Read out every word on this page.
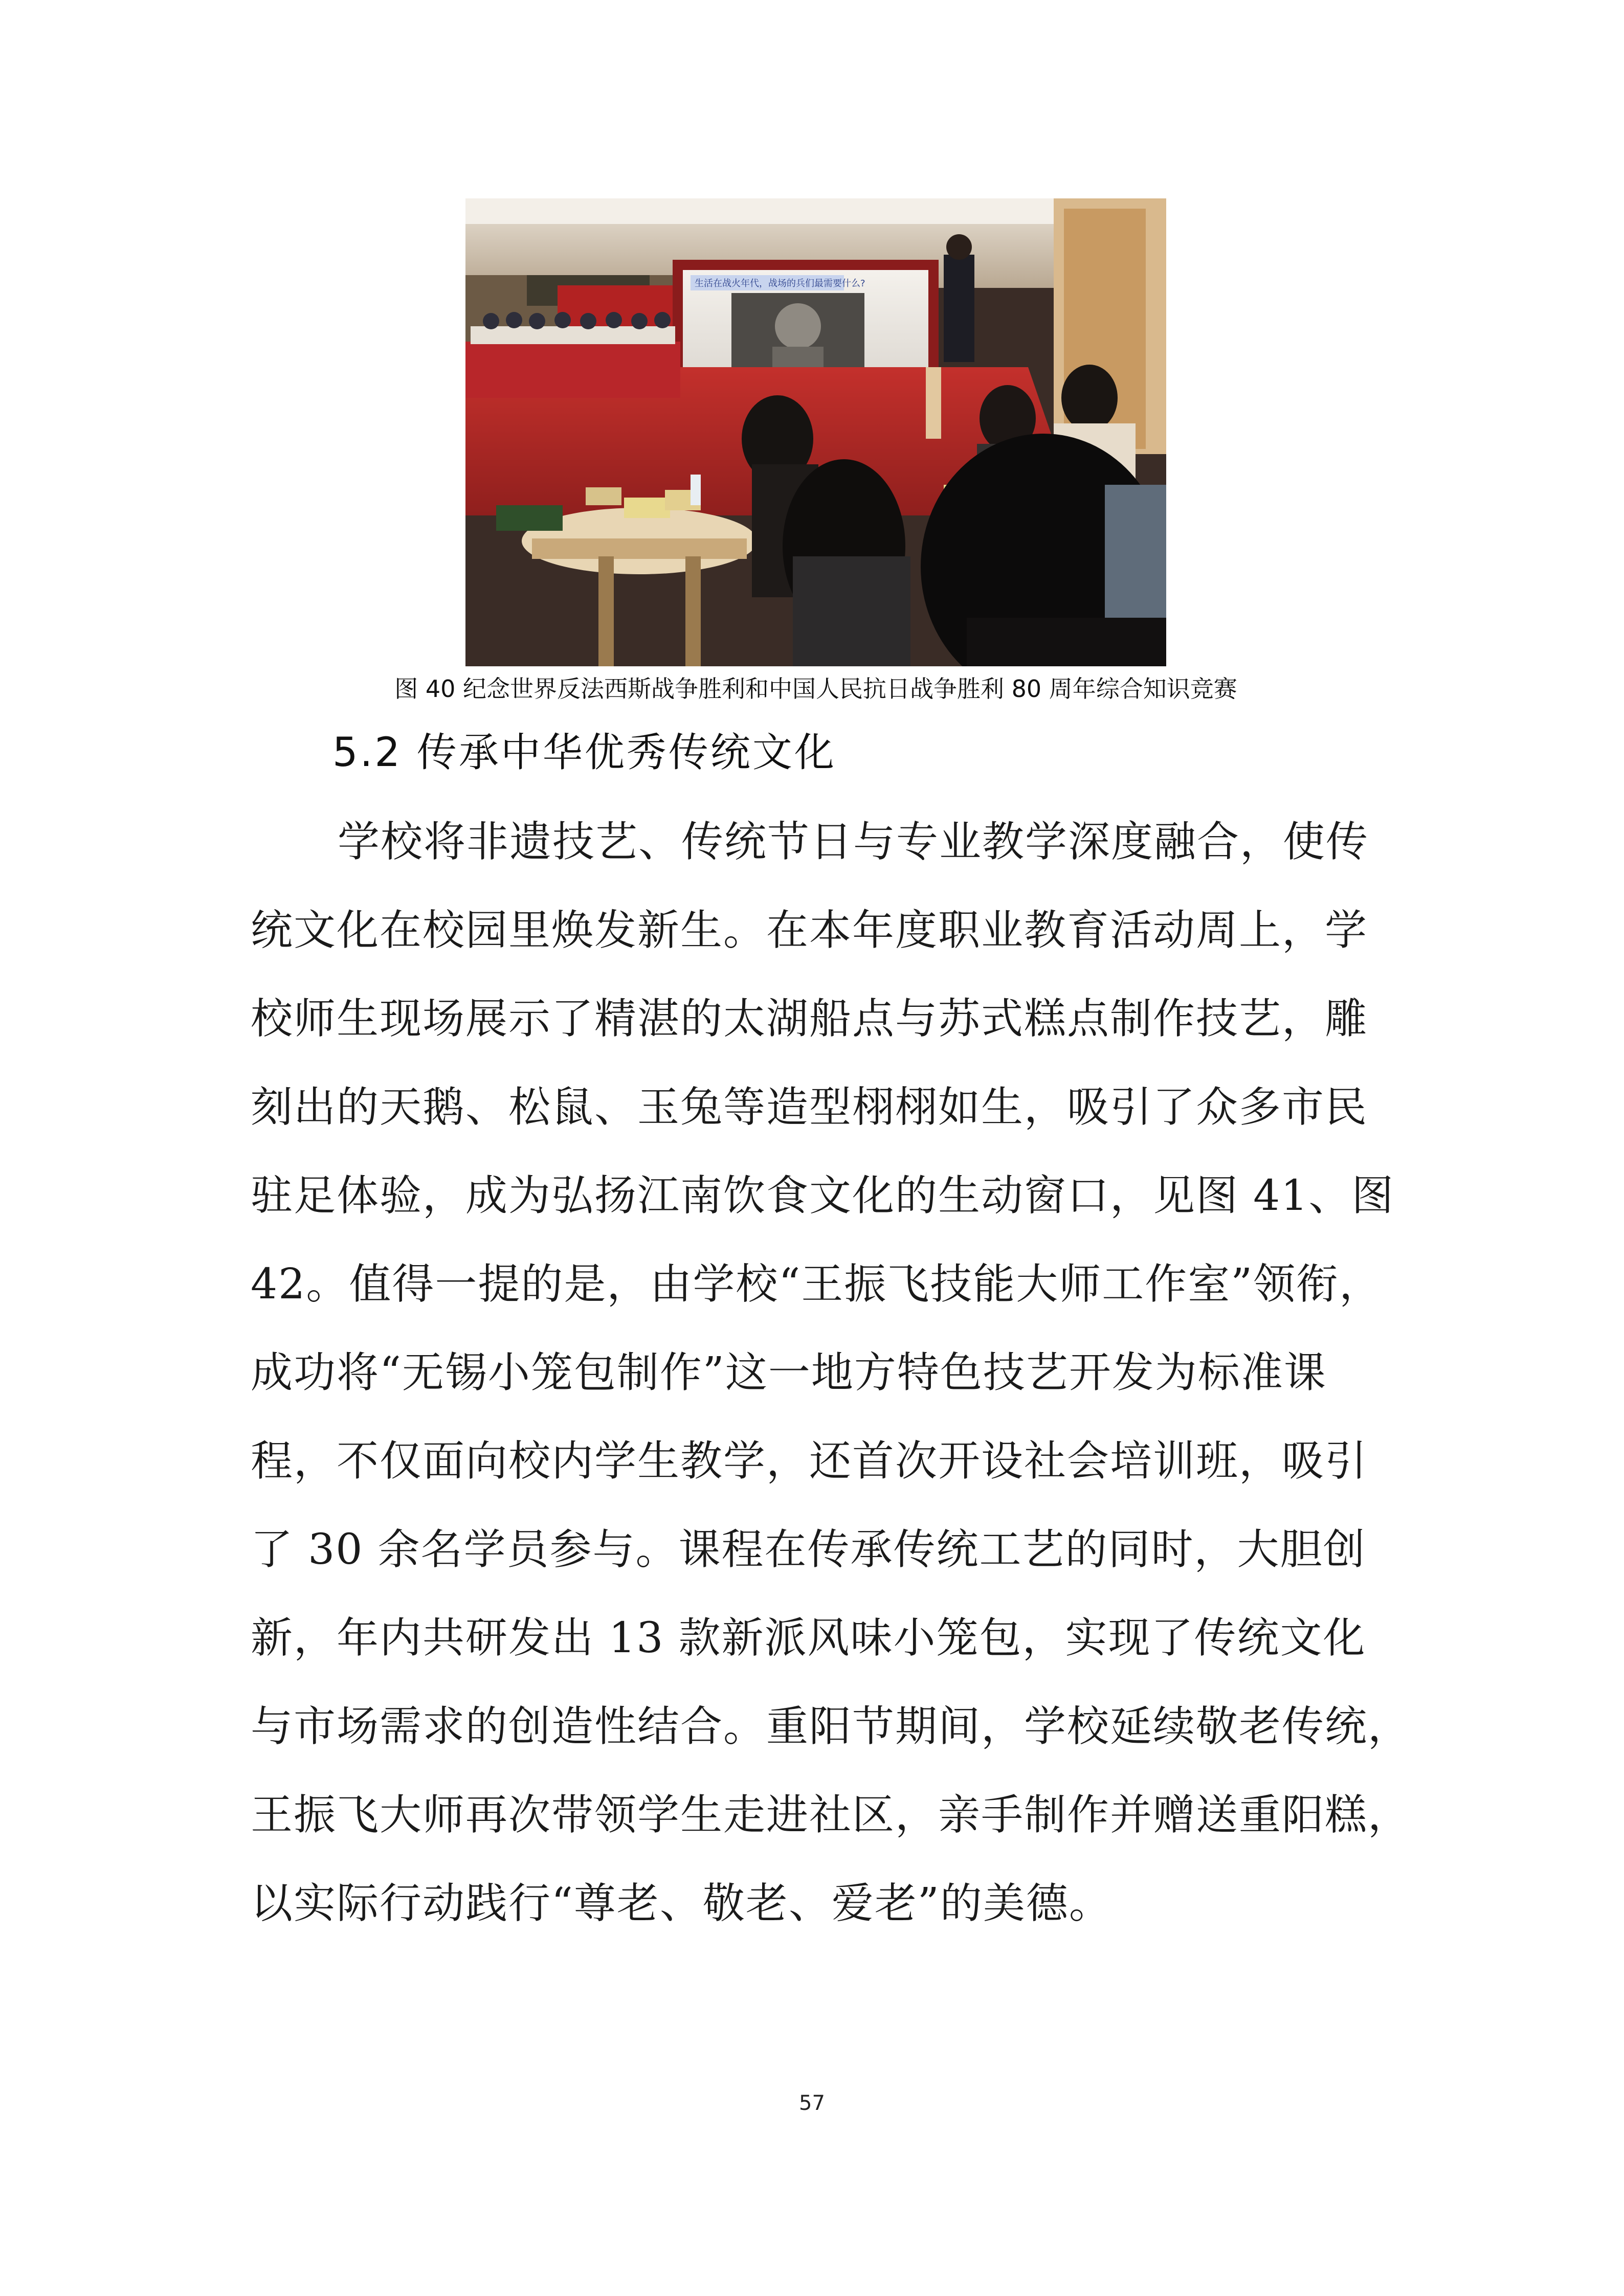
生活在战火年代，战场的兵们最需要什么?
图 40 纪念世界反法西斯战争胜利和中国人民抗日战争胜利 80 周年综合知识竞赛
5.2 传承中华优秀传统文化
学校将非遗技艺、传统节日与专业教学深度融合，使传
统文化在校园里焕发新生。在本年度职业教育活动周上，学
校师生现场展示了精湛的太湖船点与苏式糕点制作技艺，雕
刻出的天鹅、松鼠、玉兔等造型栩栩如生，吸引了众多市民
驻足体验，成为弘扬江南饮食文化的生动窗口，见图 41、图
42。值得一提的是，由学校“王振飞技能大师工作室”领衔，
成功将“无锡小笼包制作”这一地方特色技艺开发为标准课
程，不仅面向校内学生教学，还首次开设社会培训班，吸引
了 30 余名学员参与。课程在传承传统工艺的同时，大胆创
新，年内共研发出 13 款新派风味小笼包，实现了传统文化
与市场需求的创造性结合。重阳节期间，学校延续敬老传统，
王振飞大师再次带领学生走进社区，亲手制作并赠送重阳糕，
以实际行动践行“尊老、敬老、爱老”的美德。
57
